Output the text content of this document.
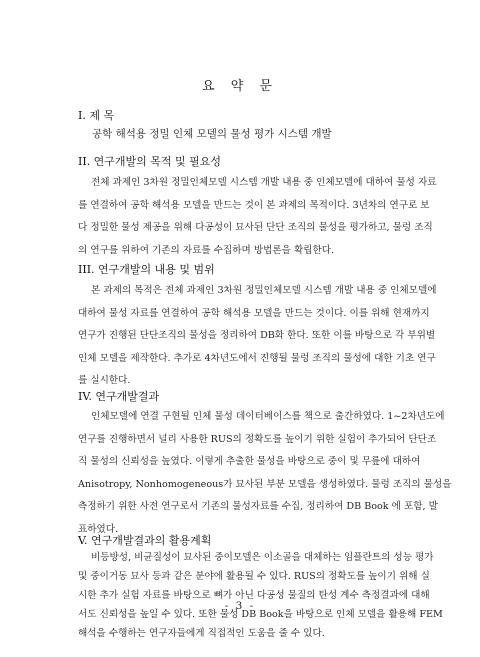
요 약 문
I. 제 목
공학 해석용 정밀 인체 모델의 물성 평가 시스템 개발
II. 연구개발의 목적 및 필요성
전체 과제인 3차원 정밀인체모델 시스템 개발 내용 중 인체모델에 대하여 물성 자료
를 연결하여 공학 해석용 모델을 만드는 것이 본 과제의 목적이다. 3년차의 연구로 보
다 정밀한 물성 제공을 위해 다공성이 묘사된 단단 조직의 물성을 평가하고, 물렁 조직
의 연구를 위하여 기존의 자료를 수집하며 방법론을 확립한다.
III. 연구개발의 내용 및 범위
본 과제의 목적은 전체 과제인 3차원 정밀인체모델 시스템 개발 내용 중 인체모델에
대하여 물성 자료를 연결하여 공학 해석용 모델을 만드는 것이다. 이를 위해 현재까지
연구가 진행된 단단조직의 물성을 정리하여 DB화 한다. 또한 이를 바탕으로 각 부위별
인체 모델을 제작한다. 추가로 4차년도에서 진행될 물렁 조직의 물성에 대한 기초 연구
를 실시한다.
IV. 연구개발결과
인체모델에 연결 구현될 인체 물성 데이터베이스를 책으로 출간하였다. 1~2차년도에
연구를 진행하면서 널리 사용한 RUS의 정확도를 높이기 위한 실험이 추가되어 단단조
직 물성의 신뢰성을 높였다. 이렇게 추출한 물성을 바탕으로 중이 및 무릎에 대하여
Anisotropy, Nonhomogeneous가 묘사된 부분 모델을 생성하였다. 물렁 조직의 물성을
측정하기 위한 사전 연구로서 기존의 물성자료를 수집, 정리하여 DB Book 에 포함, 발
표하였다.
V. 연구개발결과의 활용계획
비등방성, 비균질성이 묘사된 중이모델은 이소골을 대체하는 임플란트의 성능 평가
및 중이거동 묘사 등과 같은 분야에 활용될 수 있다. RUS의 정확도를 높이기 위해 실
시한 추가 실험 자료를 바탕으로 뼈가 아닌 다공성 물질의 탄성 계수 측정결과에 대해
서도 신뢰성을 높일 수 있다. 또한 물성 DB Book을 바탕으로 인체 모델을 활용해 FEM
해석을 수행하는 연구자들에게 직접적인 도움을 줄 수 있다.
- 3 -
